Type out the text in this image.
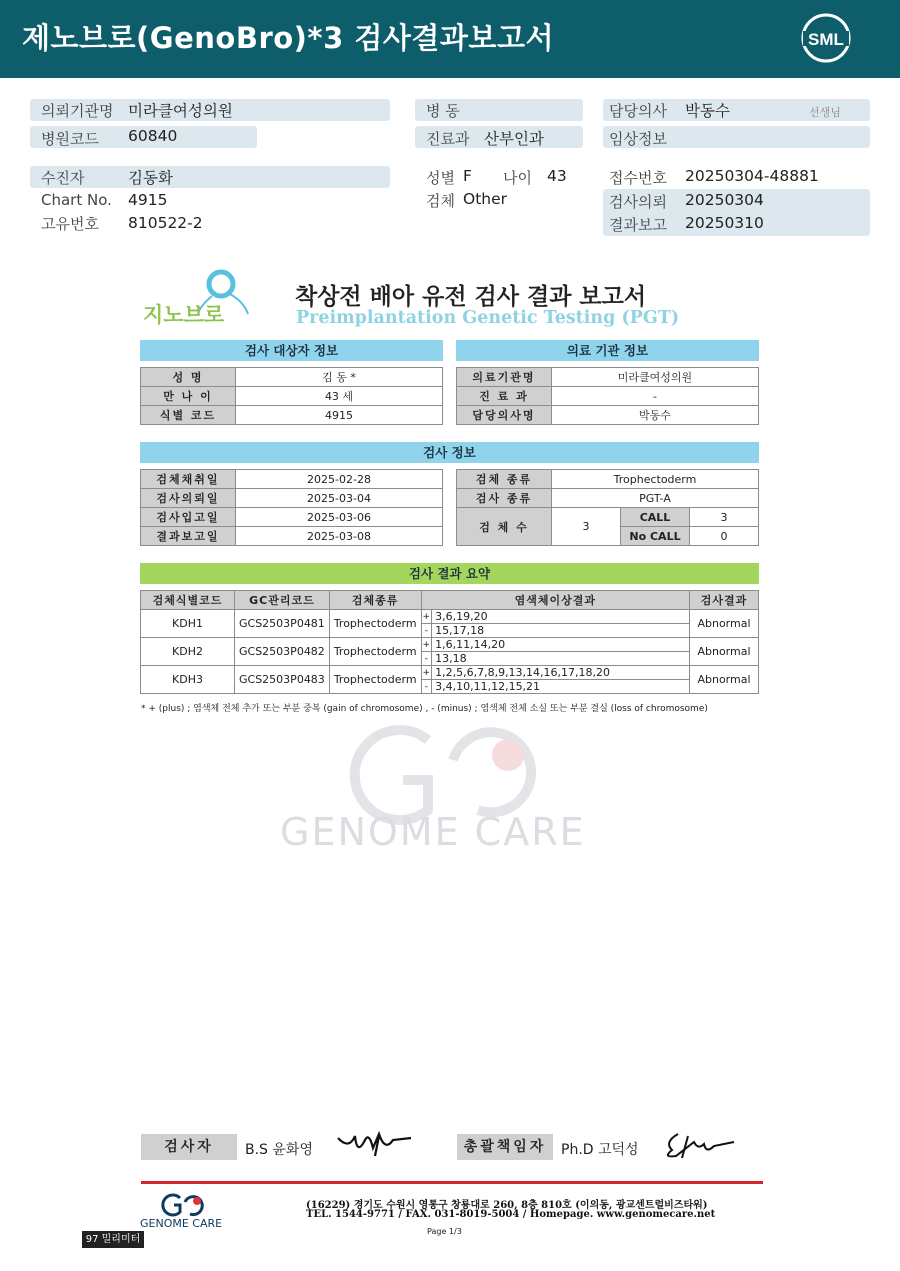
제노브로(GenoBro)*3 검사결과보고서	SML
의뢰기관명 미라클여성의원
병원코드 60840
병 동
진료과 산부인과
담당의사 박동수	선생님
임상정보
수진자	김동화
Chart No. 4915
고유번호 810522-2
성별 F 나이 43
검체 Other
접수번호 20250304-48881
검사의뢰 20250304
결과보고 20250310
지노브로
착상전 배아 유전 검사 결과 보고서
Preimplantation Genetic Testing (PGT)
검사 대상자 정보	의료 기관 정보
성 명	김 동 *
만 나 이	43 세
식별 코드	4915
의료기관명	미라클여성의원
진 료 과	-
담당의사명	박동수
검사 정보
검체채취일	2025-02-28
검사의뢰일	2025-03-04
검사입고일	2025-03-06
결과보고일	2025-03-08
검체 종류	Trophectoderm		
검사 종류	PGT-A		
검 체 수	3	CALL	3
		No CALL	0
검사 결과 요약
검체식별코드	GC관리코드	검체종류	염색체이상결과		검사결과
KDH1	GCS2503P0481	Trophectoderm	+	3,6,19,20	Abnormal
			-	15,17,18	
KDH2	GCS2503P0482	Trophectoderm	+	1,6,11,14,20	Abnormal
			-	13,18	
KDH3	GCS2503P0483	Trophectoderm	+	1,2,5,6,7,8,9,13,14,16,17,18,20	Abnormal
			-	3,4,10,11,12,15,21	
* + (plus) ; 염색체 전체 추가 또는 부분 중복 (gain of chromosome) , - (minus) ; 염색체 전체 소실 또는 부분 결실 (loss of chromosome)
GENOME CARE
검사자	B.S 윤화영	총괄책임자	Ph.D 고덕성
GENOME CARE
(16229) 경기도 수원시 영통구 창룡대로 260, 8층 810호 (이의동, 광교센트럴비즈타워)
TEL. 1544-9771 / FAX. 031-8019-5004 / Homepage. www.genomecare.net
Page 1/3
97 밀리미터
